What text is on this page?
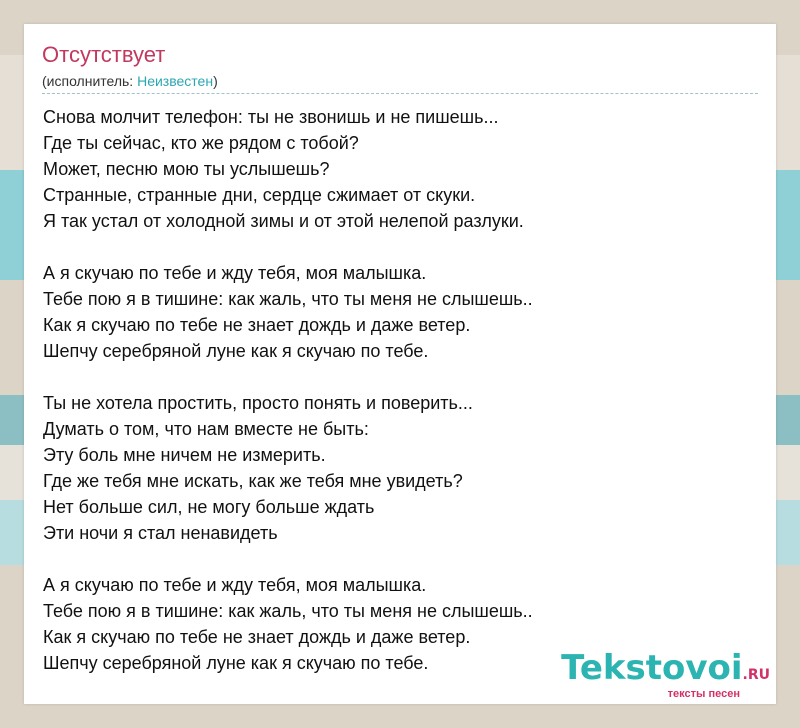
Отсутствует
(исполнитель: Неизвестен)
Снова молчит телефон: ты не звонишь и не пишешь...
Где ты сейчас, кто же рядом с тобой?
Может, песню мою ты услышешь?
Странные, странные дни, сердце сжимает от скуки.
Я так устал от холодной зимы и от этой нелепой разлуки.
А я скучаю по тебе и жду тебя, моя малышка.
Тебе пою я в тишине: как жаль, что ты меня не слышешь..
Как я скучаю по тебе не знает дождь и даже ветер.
Шепчу серебряной луне как я скучаю по тебе.
Ты не хотела простить, просто понять и поверить...
Думать о том, что нам вместе не быть:
Эту боль мне ничем не измерить.
Где же тебя мне искать, как же тебя мне увидеть?
Нет больше сил, не могу больше ждать
Эти ночи я стал ненавидеть
А я скучаю по тебе и жду тебя, моя малышка.
Тебе пою я в тишине: как жаль, что ты меня не слышешь..
Как я скучаю по тебе не знает дождь и даже ветер.
Шепчу серебряной луне как я скучаю по тебе.	Tekstovoi.RU
тексты песен
